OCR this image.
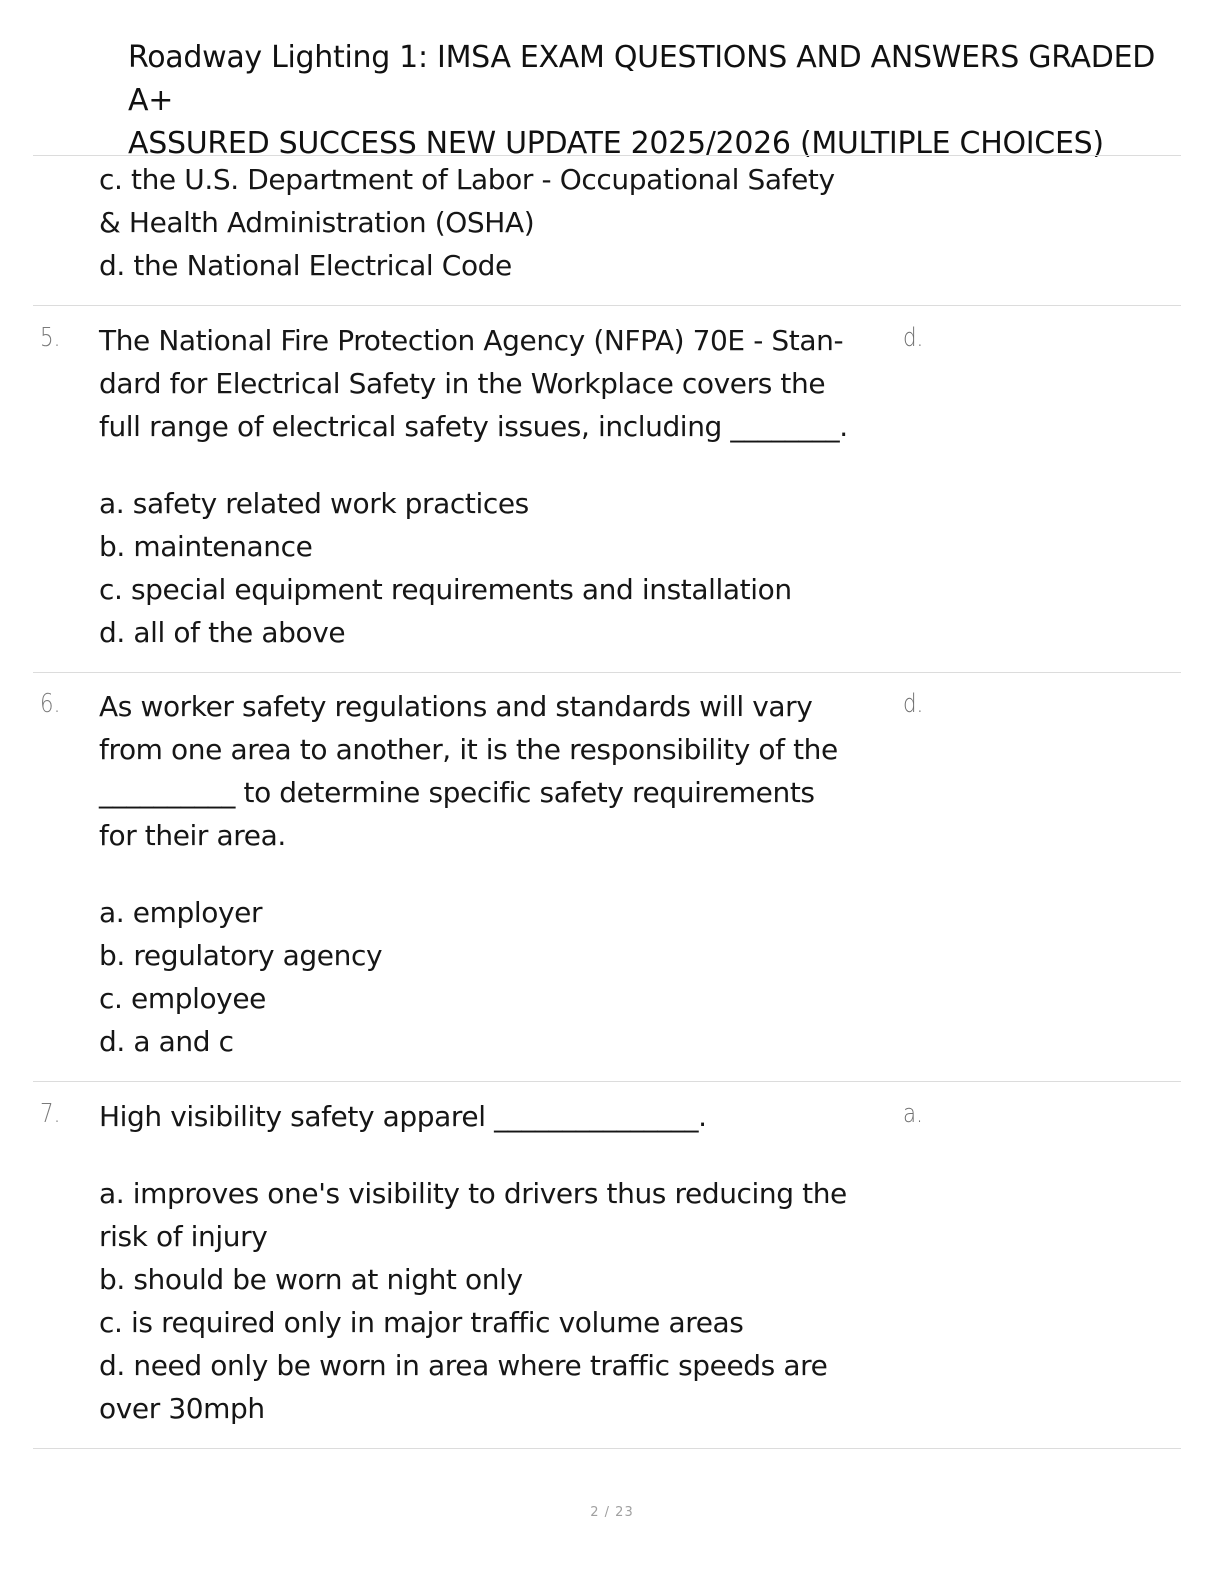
Roadway Lighting 1: IMSA EXAM QUESTIONS AND ANSWERS GRADED A+
ASSURED SUCCESS NEW UPDATE 2025/2026 (MULTIPLE CHOICES)

c. the U.S. Department of Labor - Occupational Safety

& Health Administration (OSHA)

d. the National Electrical Code

5. The National Fire Protection Agency (NFPA) 70E - Stan-

dard for Electrical Safety in the Workplace covers the

full range of electrical safety issues, including ________.

a. safety related work practices

b. maintenance

c. special equipment requirements and installation

d. all of the above

d.
6. As worker safety regulations and standards will vary

from one area to another, it is the responsibility of the

__________ to determine specific safety requirements

for their area.

a. employer

b. regulatory agency

c. employee

d. a and c

d.
7. High visibility safety apparel _______________.

a. improves one's visibility to drivers thus reducing the

risk of injury

b. should be worn at night only

c. is required only in major traffic volume areas

d. need only be worn in area where traffic speeds are

over 30mph

a.
2 / 23
